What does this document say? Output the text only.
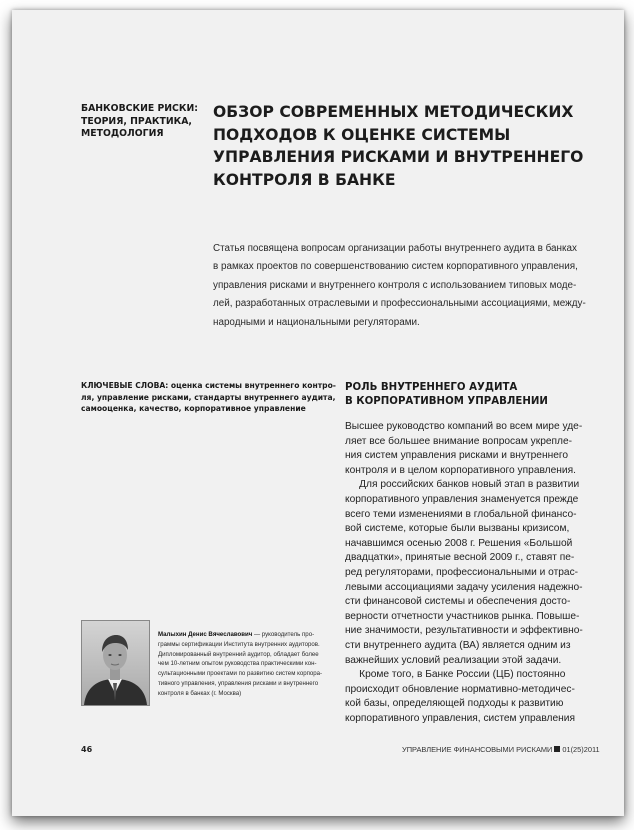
БАНКОВСКИЕ РИСКИ:
ТЕОРИЯ, ПРАКТИКА,
МЕТОДОЛОГИЯ
ОБЗОР СОВРЕМЕННЫХ МЕТОДИЧЕСКИХ
ПОДХОДОВ К ОЦЕНКЕ СИСТЕМЫ
УПРАВЛЕНИЯ РИСКАМИ И ВНУТРЕННЕГО
КОНТРОЛЯ В БАНКЕ
Статья посвящена вопросам организации работы внутреннего аудита в банках
в рамках проектов по совершенствованию систем корпоративного управления,
управления рисками и внутреннего контроля с использованием типовых моде-
лей, разработанных отраслевыми и профессиональными ассоциациями, между-
народными и национальными регуляторами.
КЛЮЧЕВЫЕ СЛОВА: оценка системы внутреннего контро-
ля, управление рисками, стандарты внутреннего аудита,
самооценка, качество, корпоративное управление
РОЛЬ ВНУТРЕННЕГО АУДИТА
В КОРПОРАТИВНОМ УПРАВЛЕНИИ
Высшее руководство компаний во всем мире уде-
ляет все большее внимание вопросам укрепле-
ния систем управления рисками и внутреннего
контроля и в целом корпоративного управления.
Для российских банков новый этап в развитии
корпоративного управления знаменуется прежде
всего теми изменениями в глобальной финансо-
вой системе, которые были вызваны кризисом,
начавшимся осенью 2008 г. Решения «Большой
двадцатки», принятые весной 2009 г., ставят пе-
ред регуляторами, профессиональными и отрас-
левыми ассоциациями задачу усиления надежно-
сти финансовой системы и обеспечения досто-
верности отчетности участников рынка. Повыше-
ние значимости, результативности и эффективно-
сти внутреннего аудита (ВА) является одним из
важнейших условий реализации этой задачи.
Кроме того, в Банке России (ЦБ) постоянно
происходит обновление нормативно-методичес-
кой базы, определяющей подходы к развитию
корпоративного управления, систем управления
Малыхин Денис Вячеславович — руководитель про-
граммы сертификации Института внутренних аудиторов.
Дипломированный внутренний аудитор, обладает более
чем 10-летним опытом руководства практическими кон-
сультационными проектами по развитию систем корпора-
тивного управления, управления рисками и внутреннего
контроля в банках (г. Москва)
46	УПРАВЛЕНИЕ ФИНАНСОВЫМИ РИСКАМИ 01(25)2011
